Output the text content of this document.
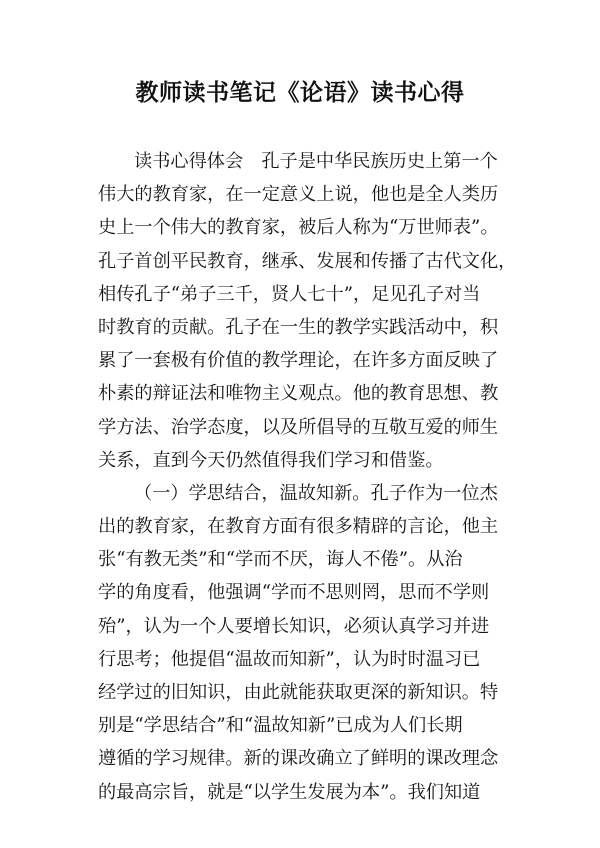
教师读书笔记《论语》读书心得
读书心得体会　孔子是中华民族历史上第一个
伟大的教育家，在一定意义上说，他也是全人类历
史上一个伟大的教育家，被后人称为“万世师表”。
孔子首创平民教育，继承、发展和传播了古代文化，
相传孔子“弟子三千，贤人七十”，足见孔子对当
时教育的贡献。孔子在一生的教学实践活动中，积
累了一套极有价值的教学理论，在许多方面反映了
朴素的辩证法和唯物主义观点。他的教育思想、教
学方法、治学态度，以及所倡导的互敬互爱的师生
关系，直到今天仍然值得我们学习和借鉴。
（一）学思结合，温故知新。孔子作为一位杰
出的教育家，在教育方面有很多精辟的言论，他主
张“有教无类”和“学而不厌，诲人不倦”。从治
学的角度看，他强调“学而不思则罔，思而不学则
殆”，认为一个人要增长知识，必须认真学习并进
行思考；他提倡“温故而知新”，认为时时温习已
经学过的旧知识，由此就能获取更深的新知识。特
别是“学思结合”和“温故知新”已成为人们长期
遵循的学习规律。新的课改确立了鲜明的课改理念
的最高宗旨，就是“以学生发展为本”。我们知道
